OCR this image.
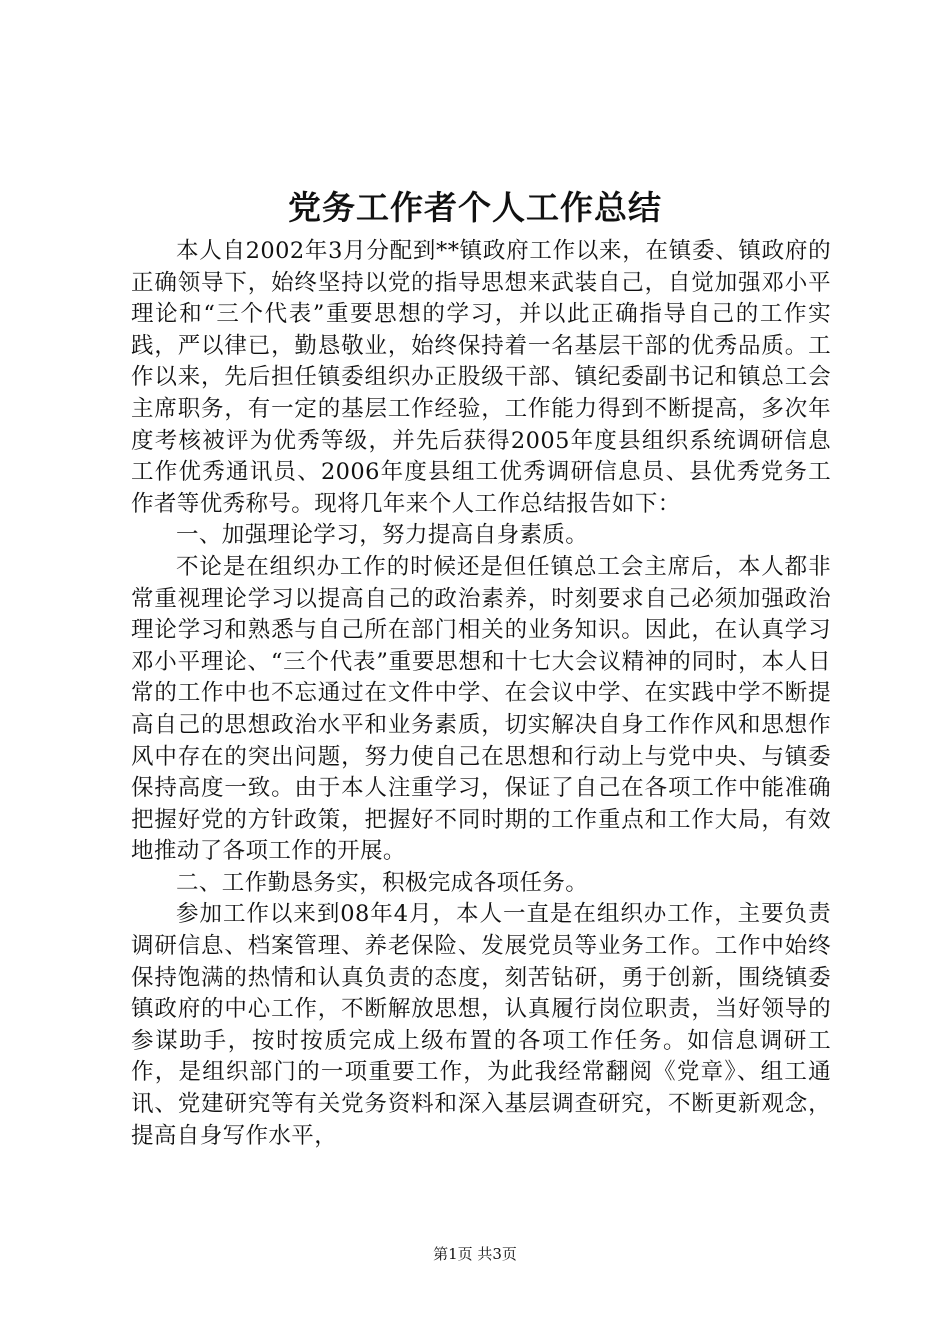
党务工作者个人工作总结

本人自2002年3月分配到**镇政府工作以来，在镇委、镇政府的正确领导下，始终坚持以党的指导思想来武装自己，自觉加强邓小平理论和“三个代表”重要思想的学习，并以此正确指导自己的工作实践，严以律已，勤恳敬业，始终保持着一名基层干部的优秀品质。工作以来，先后担任镇委组织办正股级干部、镇纪委副书记和镇总工会主席职务，有一定的基层工作经验，工作能力得到不断提高，多次年度考核被评为优秀等级，并先后获得2005年度县组织系统调研信息工作优秀通讯员、2006年度县组工优秀调研信息员、县优秀党务工作者等优秀称号。现将几年来个人工作总结报告如下：

一、加强理论学习，努力提高自身素质。

不论是在组织办工作的时候还是但任镇总工会主席后，本人都非常重视理论学习以提高自己的政治素养，时刻要求自己必须加强政治理论学习和熟悉与自己所在部门相关的业务知识。因此，在认真学习邓小平理论、“三个代表”重要思想和十七大会议精神的同时，本人日常的工作中也不忘通过在文件中学、在会议中学、在实践中学不断提高自己的思想政治水平和业务素质，切实解决自身工作作风和思想作风中存在的突出问题，努力使自己在思想和行动上与党中央、与镇委保持高度一致。由于本人注重学习，保证了自己在各项工作中能准确把握好党的方针政策，把握好不同时期的工作重点和工作大局，有效地推动了各项工作的开展。

二、工作勤恳务实，积极完成各项任务。

参加工作以来到08年4月，本人一直是在组织办工作，主要负责调研信息、档案管理、养老保险、发展党员等业务工作。工作中始终保持饱满的热情和认真负责的态度，刻苦钻研，勇于创新，围绕镇委镇政府的中心工作，不断解放思想，认真履行岗位职责，当好领导的参谋助手，按时按质完成上级布置的各项工作任务。如信息调研工作，是组织部门的一项重要工作，为此我经常翻阅《党章》、组工通讯、党建研究等有关党务资料和深入基层调查研究，不断更新观念，提高自身写作水平，

第1页 共3页
